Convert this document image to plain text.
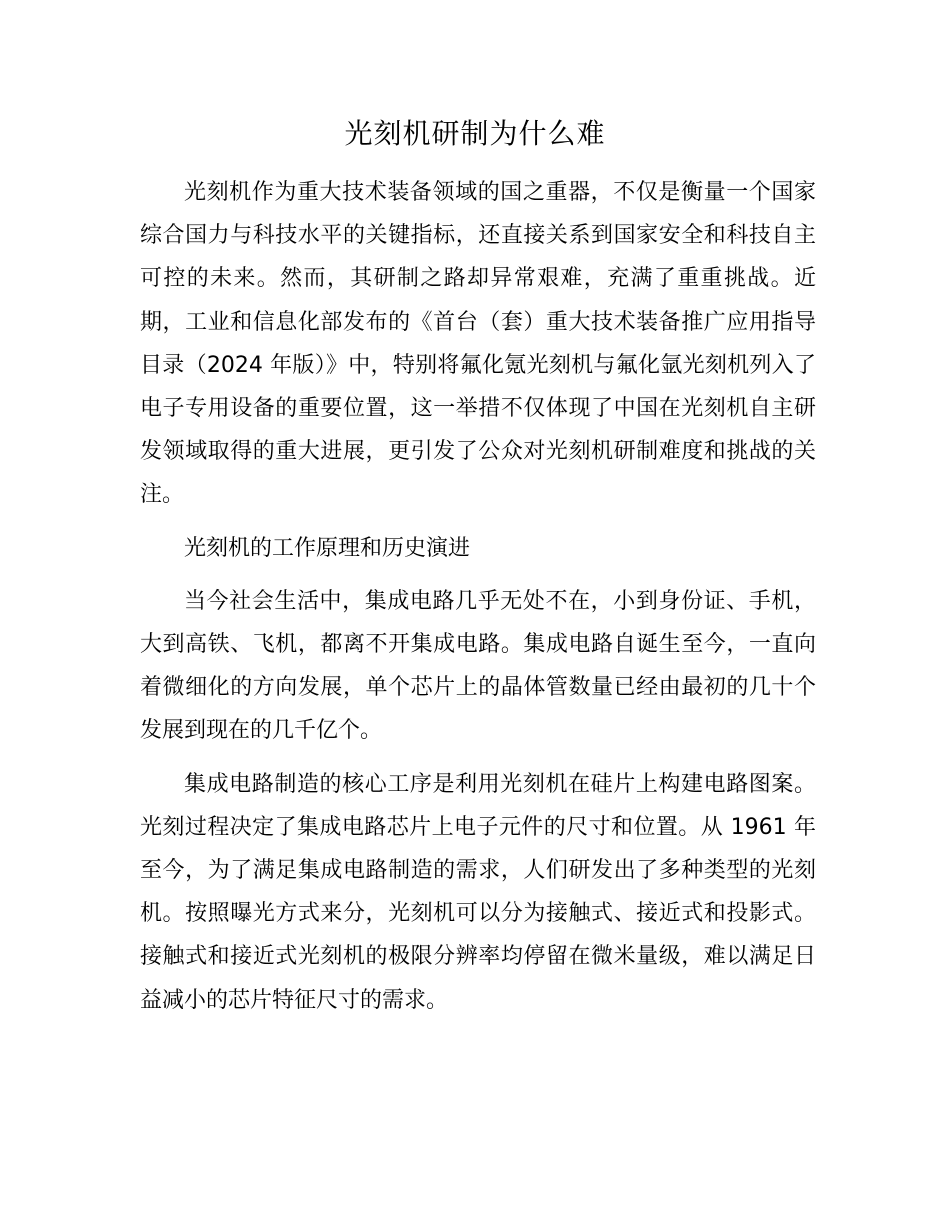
光刻机研制为什么难

光刻机作为重大技术装备领域的国之重器，不仅是衡量一个国家综合国力与科技水平的关键指标，还直接关系到国家安全和科技自主可控的未来。然而，其研制之路却异常艰难，充满了重重挑战。近期，工业和信息化部发布的《首台（套）重大技术装备推广应用指导目录（2024 年版）》中，特别将氟化氪光刻机与氟化氩光刻机列入了电子专用设备的重要位置，这一举措不仅体现了中国在光刻机自主研发领域取得的重大进展，更引发了公众对光刻机研制难度和挑战的关注。

光刻机的工作原理和历史演进

当今社会生活中，集成电路几乎无处不在，小到身份证、手机，大到高铁、飞机，都离不开集成电路。集成电路自诞生至今，一直向着微细化的方向发展，单个芯片上的晶体管数量已经由最初的几十个发展到现在的几千亿个。

集成电路制造的核心工序是利用光刻机在硅片上构建电路图案。光刻过程决定了集成电路芯片上电子元件的尺寸和位置。从 1961 年至今，为了满足集成电路制造的需求，人们研发出了多种类型的光刻机。按照曝光方式来分，光刻机可以分为接触式、接近式和投影式。接触式和接近式光刻机的极限分辨率均停留在微米量级，难以满足日益减小的芯片特征尺寸的需求。
